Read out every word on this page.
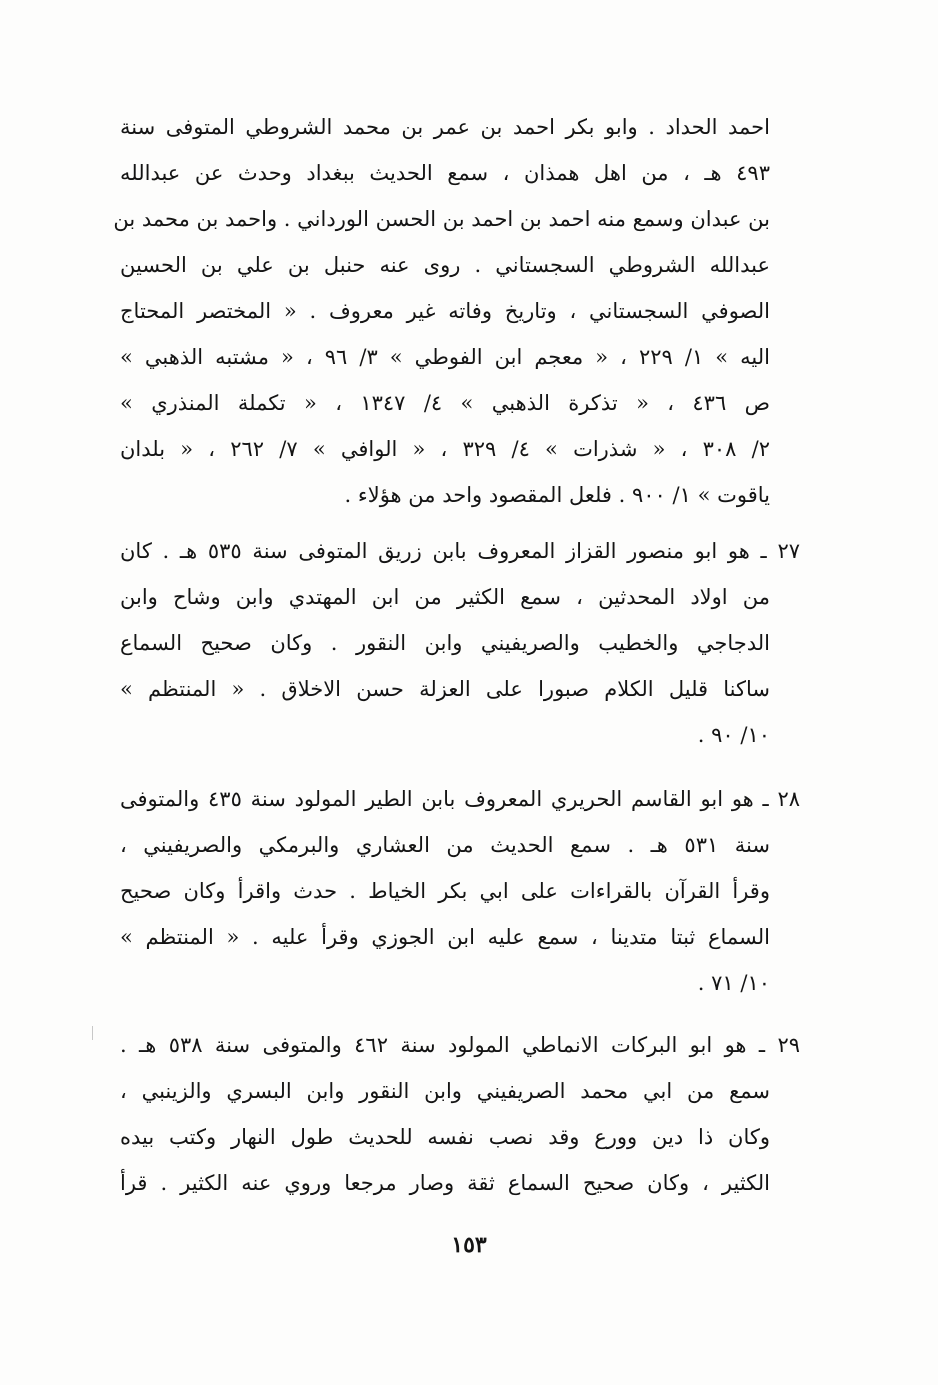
احمد الحداد . وابو بكر احمد بن عمر بن محمد الشروطي المتوفى سنة
٤٩٣ هـ ، من اهل همذان ، سمع الحديث ببغداد وحدث عن عبدالله
بن عبدان وسمع منه احمد بن احمد بن الحسن الورداني . واحمد بن محمد بن
عبدالله الشروطي السجستاني . روى عنه حنبل بن علي بن الحسين
الصوفي السجستاني ، وتاريخ وفاته غير معروف . « المختصر المحتاج
اليه » ١/ ٢٢٩ ، « معجم ابن الفوطي » ٣/ ٩٦ ، « مشتبه الذهبي »
ص ٤٣٦ ، « تذكرة الذهبي » ٤/ ١٣٤٧ ، « تكملة المنذري »
٢/ ٣٠٨ ، « شذرات » ٤/ ٣٢٩ ، « الوافي » ٧/ ٢٦٢ ، « بلدان
ياقوت » ١/ ٩٠٠ . فلعل المقصود واحد من هؤلاء .
٢٧ ـ هو ابو منصور القزاز المعروف بابن زريق المتوفى سنة ٥٣٥ هـ . كان
من اولاد المحدثين ، سمع الكثير من ابن المهتدي وابن وشاح وابن
الدجاجي والخطيب والصريفيني وابن النقور . وكان صحيح السماع
ساكنا قليل الكلام صبورا على العزلة حسن الاخلاق . « المنتظم »
١٠/ ٩٠ .
٢٨ ـ هو ابو القاسم الحريري المعروف بابن الطير المولود سنة ٤٣٥ والمتوفى
سنة ٥٣١ هـ . سمع الحديث من العشاري والبرمكي والصريفيني ،
وقرأ القرآن بالقراءات على ابي بكر الخياط . حدث واقرأ وكان صحيح
السماع ثبتا متدينا ، سمع عليه ابن الجوزي وقرأ عليه . « المنتظم »
١٠/ ٧١ .
٢٩ ـ هو ابو البركات الانماطي المولود سنة ٤٦٢ والمتوفى سنة ٥٣٨ هـ .
سمع من ابي محمد الصريفيني وابن النقور وابن البسري والزينبي ،
وكان ذا دين وورع وقد نصب نفسه للحديث طول النهار وكتب بيده
الكثير ، وكان صحيح السماع ثقة وصار مرجعا وروي عنه الكثير . قرأ
١٥٣
